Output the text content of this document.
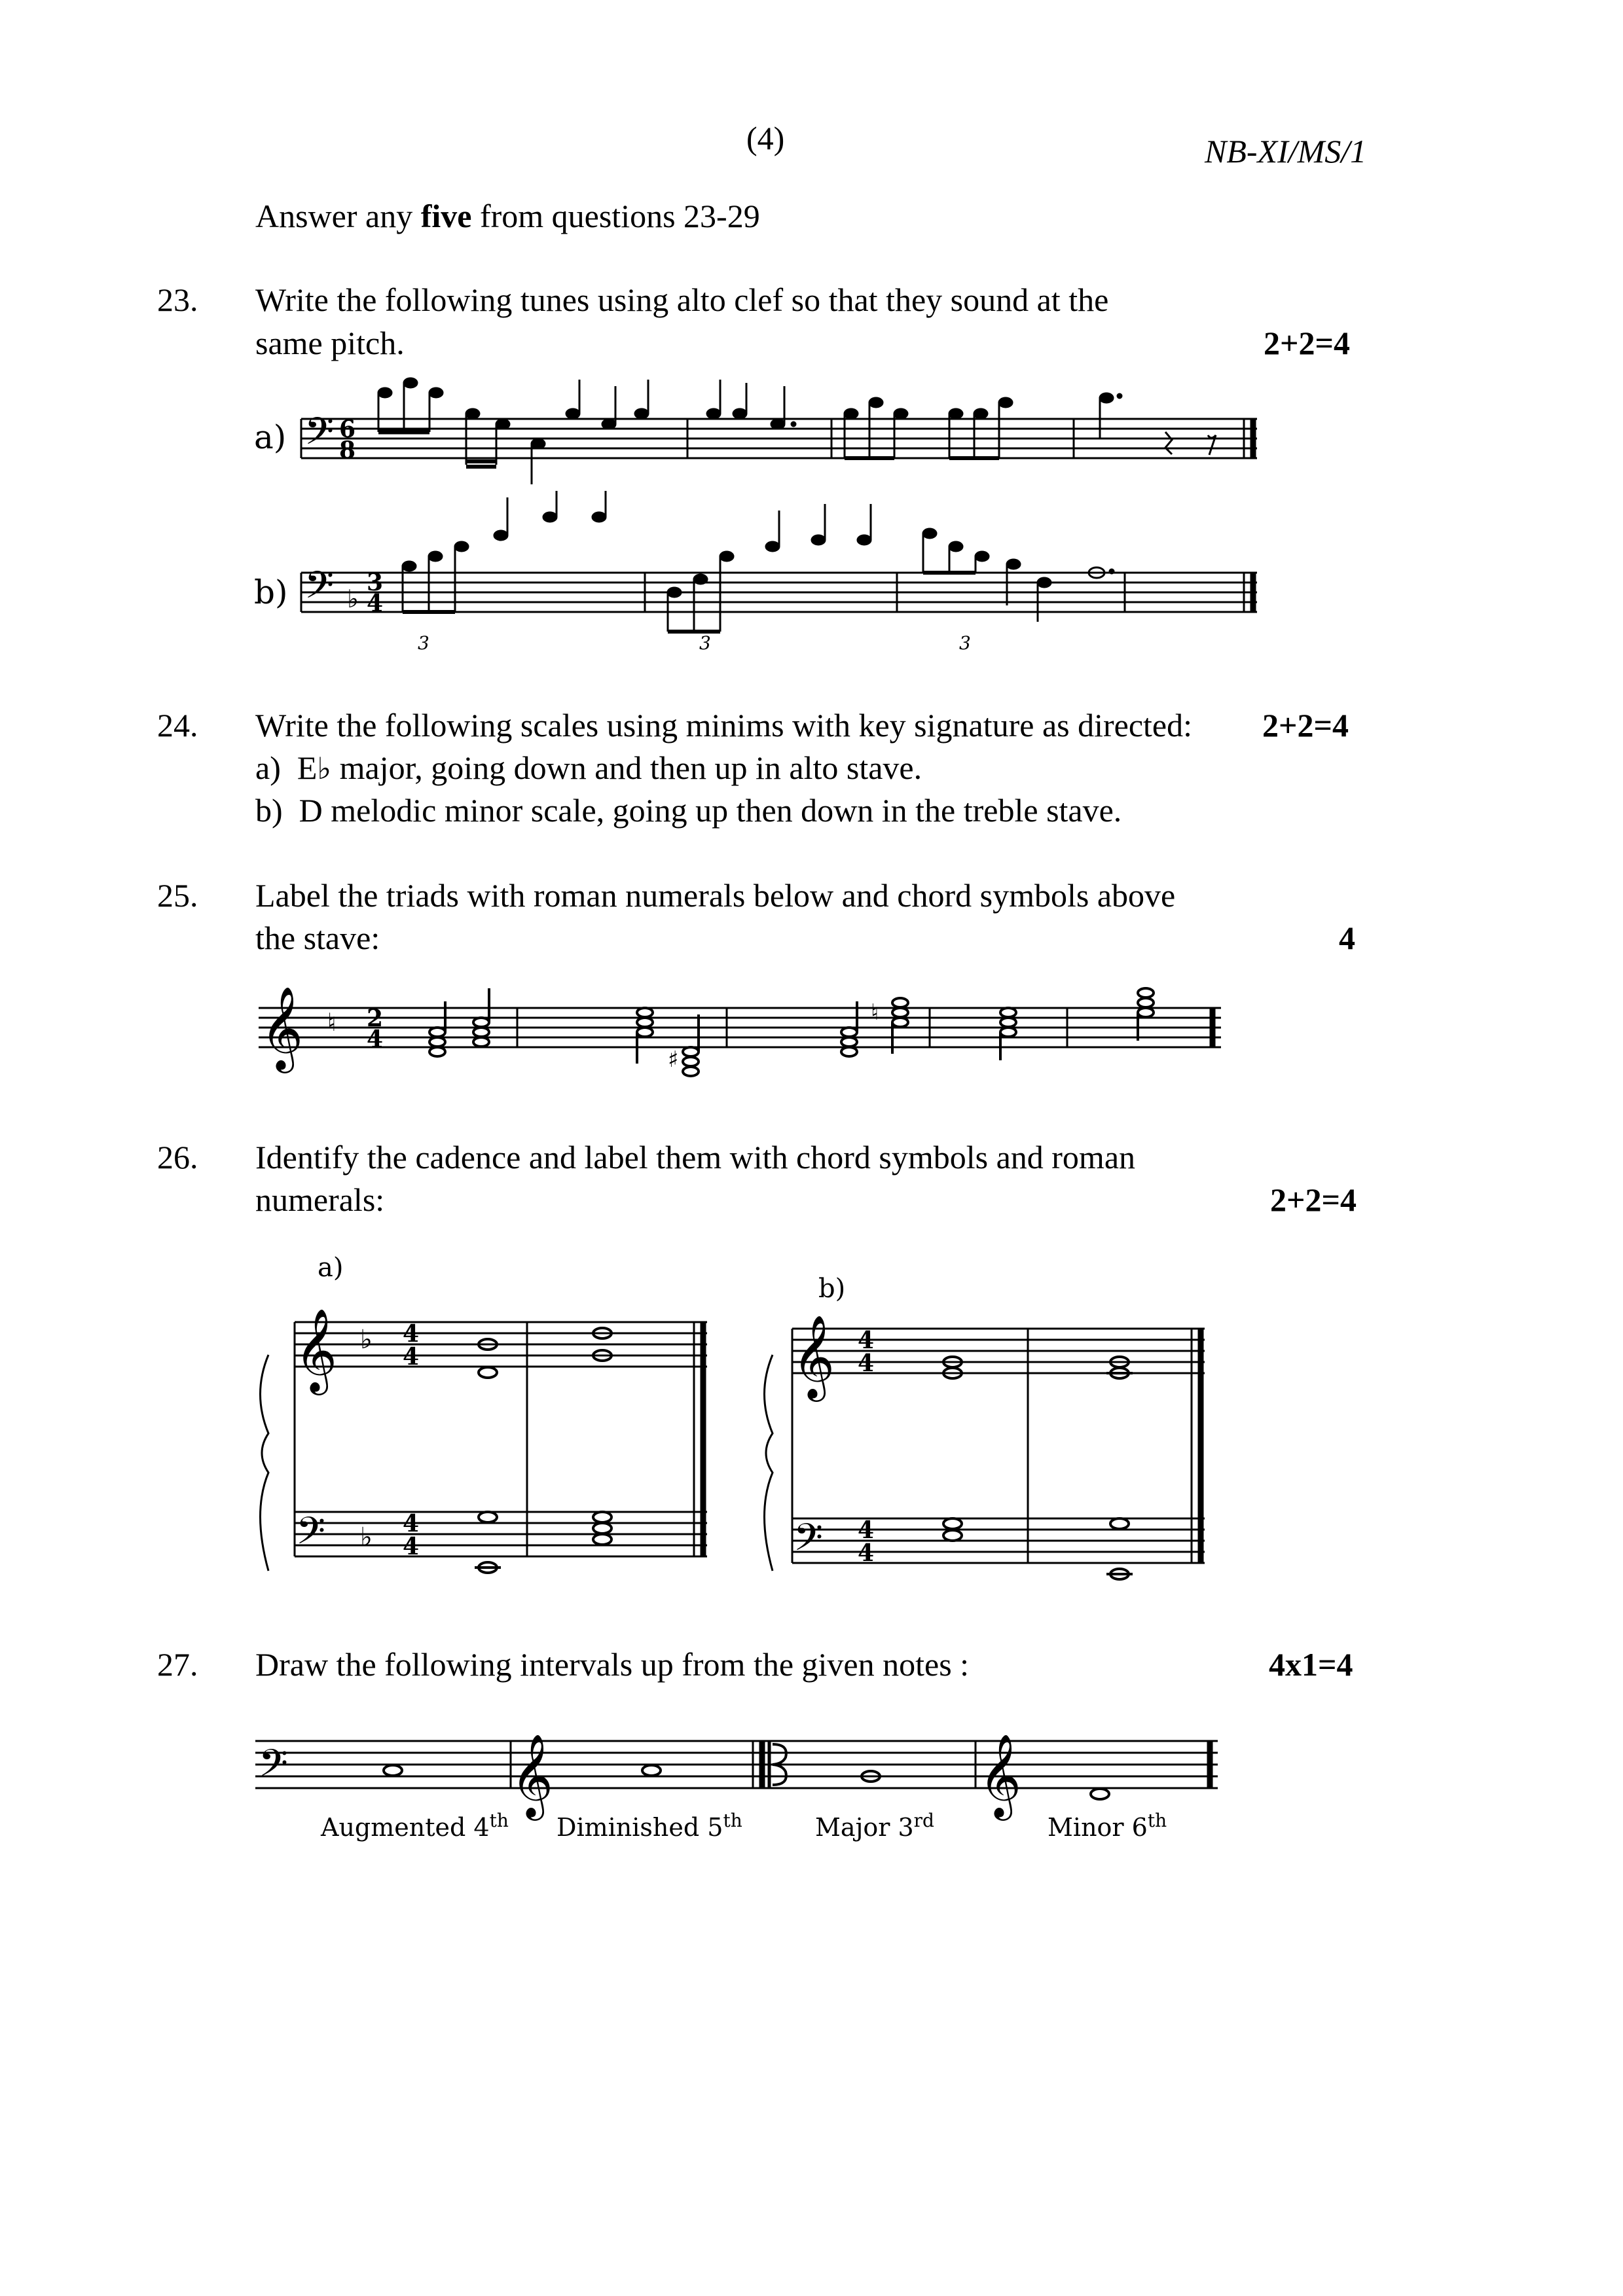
(4)	NB-XI/MS/1
Answer any five from questions 23-29
23. Write the following tunes using alto clef so that they sound at the
same pitch.	2+2=4
a) 𝄢 6
8
b) 𝄢 ♭
3
4
3	3	3
24. Write the following scales using minims with key signature as directed: 2+2=4
a) E♭ major, going down and then up in alto stave.
b) D melodic minor scale, going up then down in the treble stave.
25. Label the triads with roman numerals below and chord symbols above
the stave:	4
𝄞 ♮ 2
4
♯
♮
26. Identify the cadence and label them with chord symbols and roman
numerals:	2+2=4
a)
b)
𝄞 ♭
𝄢 ♭
4
4
4
4
𝄞
𝄢
4
4
4
4
27. Draw the following intervals up from the given notes :	4x1=4
𝄢	𝄞	𝄞
Augmented 4th Diminished 5th	Major 3rd	Minor 6th
